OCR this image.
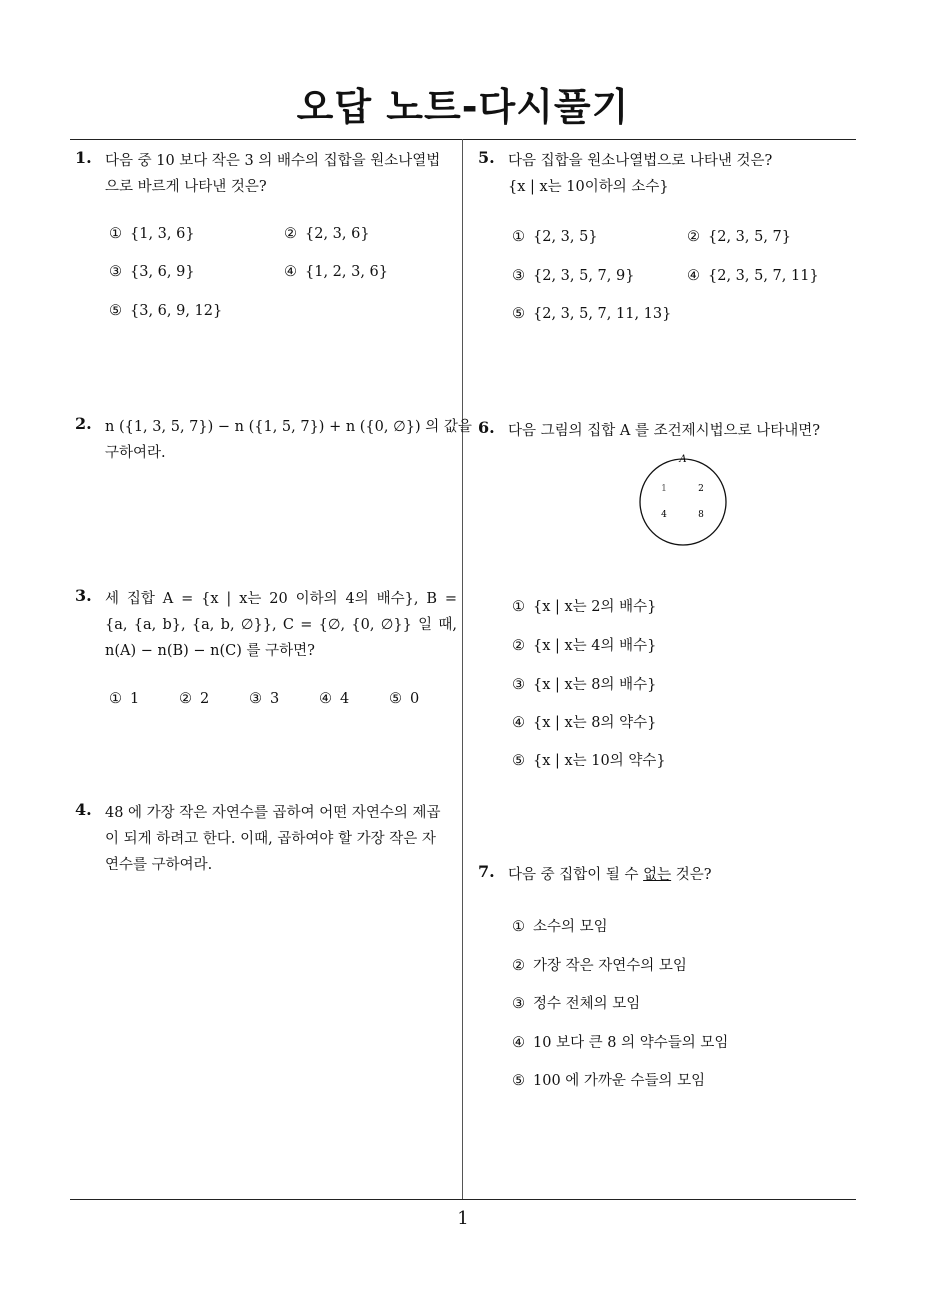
오답 노트-다시풀기
1
1. 다음 중 10 보다 작은 3 의 배수의 집합을 원소나열법
으로 바르게 나타낸 것은?
① {1, 3, 6}	② {2, 3, 6}
③ {3, 6, 9}	④ {1, 2, 3, 6}
⑤ {3, 6, 9, 12}
2. n ({1, 3, 5, 7}) − n ({1, 5, 7}) + n ({0, ∅}) 의 값을
구하여라.
3. 세 집합 A = {x | x는 20 이하의 4의 배수}, B =
{a, {a, b}, {a, b, ∅}}, C = {∅, {0, ∅}} 일 때,
n(A) − n(B) − n(C) 를 구하면?
① 1	② 2	③ 3	④ 4	⑤ 0
4. 48 에 가장 작은 자연수를 곱하여 어떤 자연수의 제곱
이 되게 하려고 한다. 이때, 곱하여야 할 가장 작은 자
연수를 구하여라.
5. 다음 집합을 원소나열법으로 나타낸 것은?
{x | x는 10이하의 소수}
① {2, 3, 5}	② {2, 3, 5, 7}
③ {2, 3, 5, 7, 9}	④ {2, 3, 5, 7, 11}
⑤ {2, 3, 5, 7, 11, 13}
6. 다음 그림의 집합 A 를 조건제시법으로 나타내면?
A
1	2
4	8
① {x | x는 2의 배수}
② {x | x는 4의 배수}
③ {x | x는 8의 배수}
④ {x | x는 8의 약수}
⑤ {x | x는 10의 약수}
7. 다음 중 집합이 될 수 없는 것은?
① 소수의 모임
② 가장 작은 자연수의 모임
③ 정수 전체의 모임
④ 10 보다 큰 8 의 약수들의 모임
⑤ 100 에 가까운 수들의 모임
